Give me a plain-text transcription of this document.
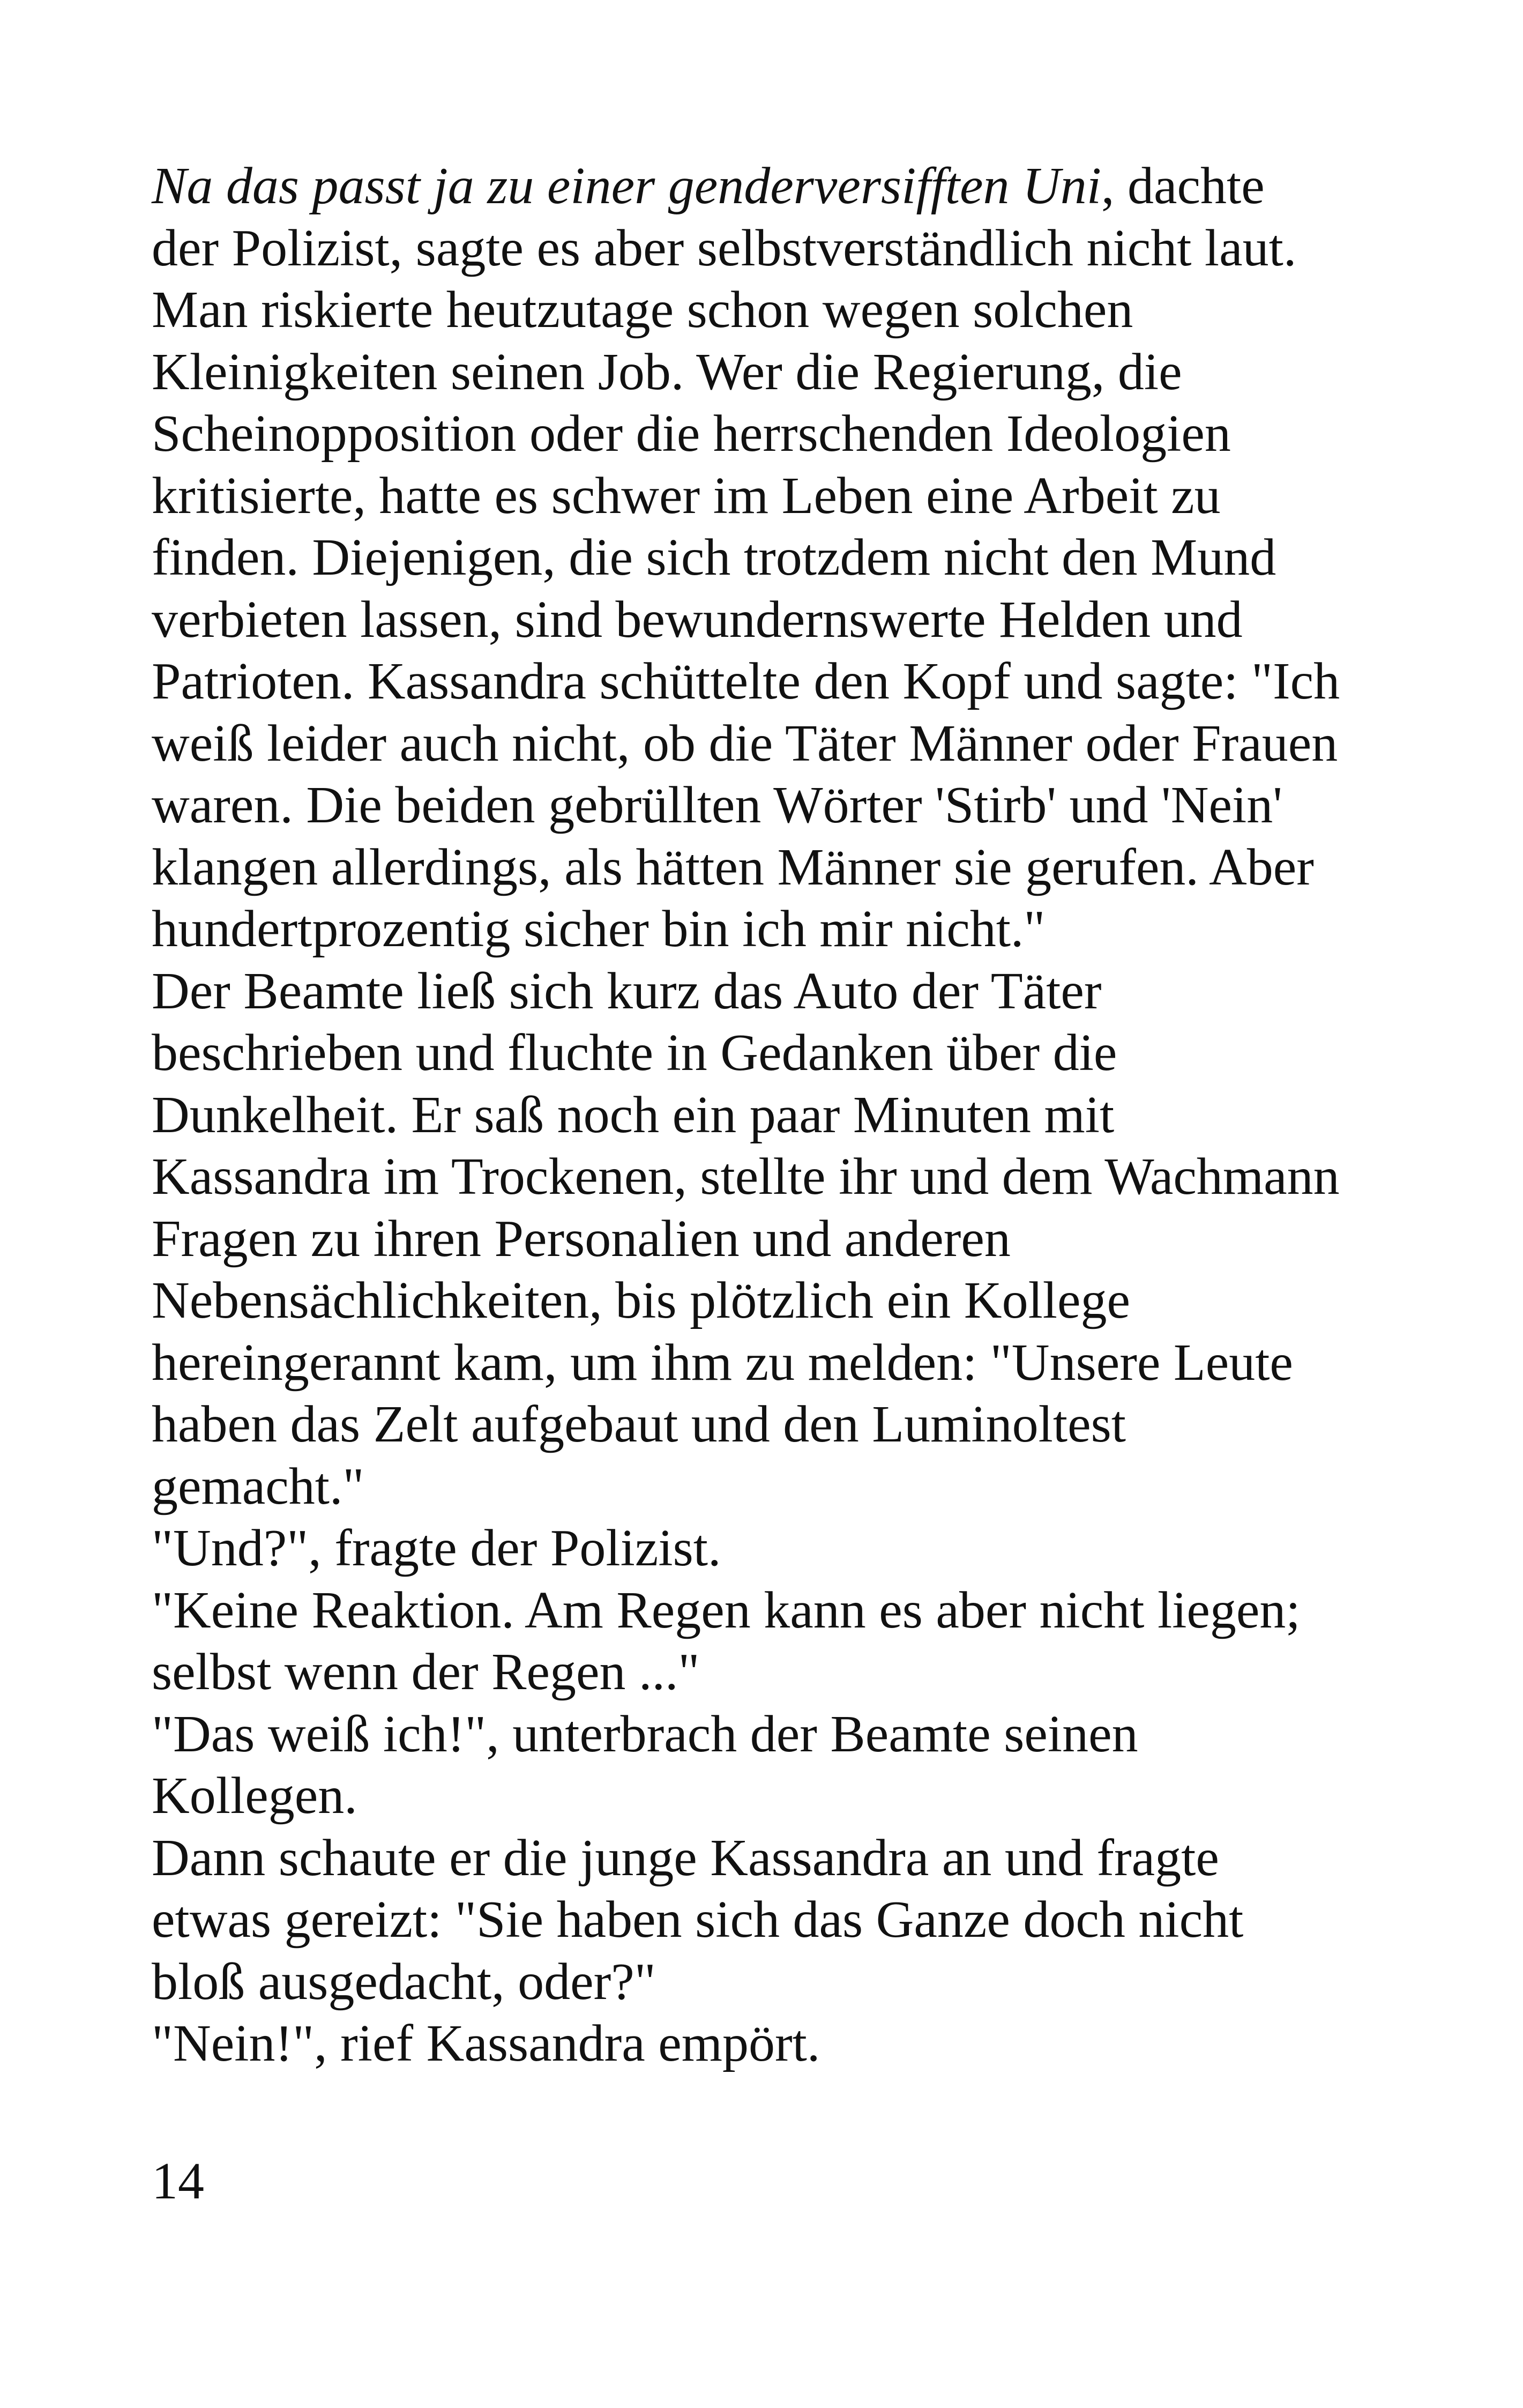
Na das passt ja zu einer genderversifften Uni, dachte
der Polizist, sagte es aber selbstverständlich nicht laut.
Man riskierte heutzutage schon wegen solchen
Kleinigkeiten seinen Job. Wer die Regierung, die
Scheinopposition oder die herrschenden Ideologien
kritisierte, hatte es schwer im Leben eine Arbeit zu
finden. Diejenigen, die sich trotzdem nicht den Mund
verbieten lassen, sind bewundernswerte Helden und
Patrioten. Kassandra schüttelte den Kopf und sagte: "Ich
weiß leider auch nicht, ob die Täter Männer oder Frauen
waren. Die beiden gebrüllten Wörter 'Stirb' und 'Nein'
klangen allerdings, als hätten Männer sie gerufen. Aber
hundertprozentig sicher bin ich mir nicht."
Der Beamte ließ sich kurz das Auto der Täter
beschrieben und fluchte in Gedanken über die
Dunkelheit. Er saß noch ein paar Minuten mit
Kassandra im Trockenen, stellte ihr und dem Wachmann
Fragen zu ihren Personalien und anderen
Nebensächlichkeiten, bis plötzlich ein Kollege
hereingerannt kam, um ihm zu melden: "Unsere Leute
haben das Zelt aufgebaut und den Luminoltest
gemacht."
"Und?", fragte der Polizist.
"Keine Reaktion. Am Regen kann es aber nicht liegen;
selbst wenn der Regen ..."
"Das weiß ich!", unterbrach der Beamte seinen
Kollegen.
Dann schaute er die junge Kassandra an und fragte
etwas gereizt: "Sie haben sich das Ganze doch nicht
bloß ausgedacht, oder?"
"Nein!", rief Kassandra empört.
14
